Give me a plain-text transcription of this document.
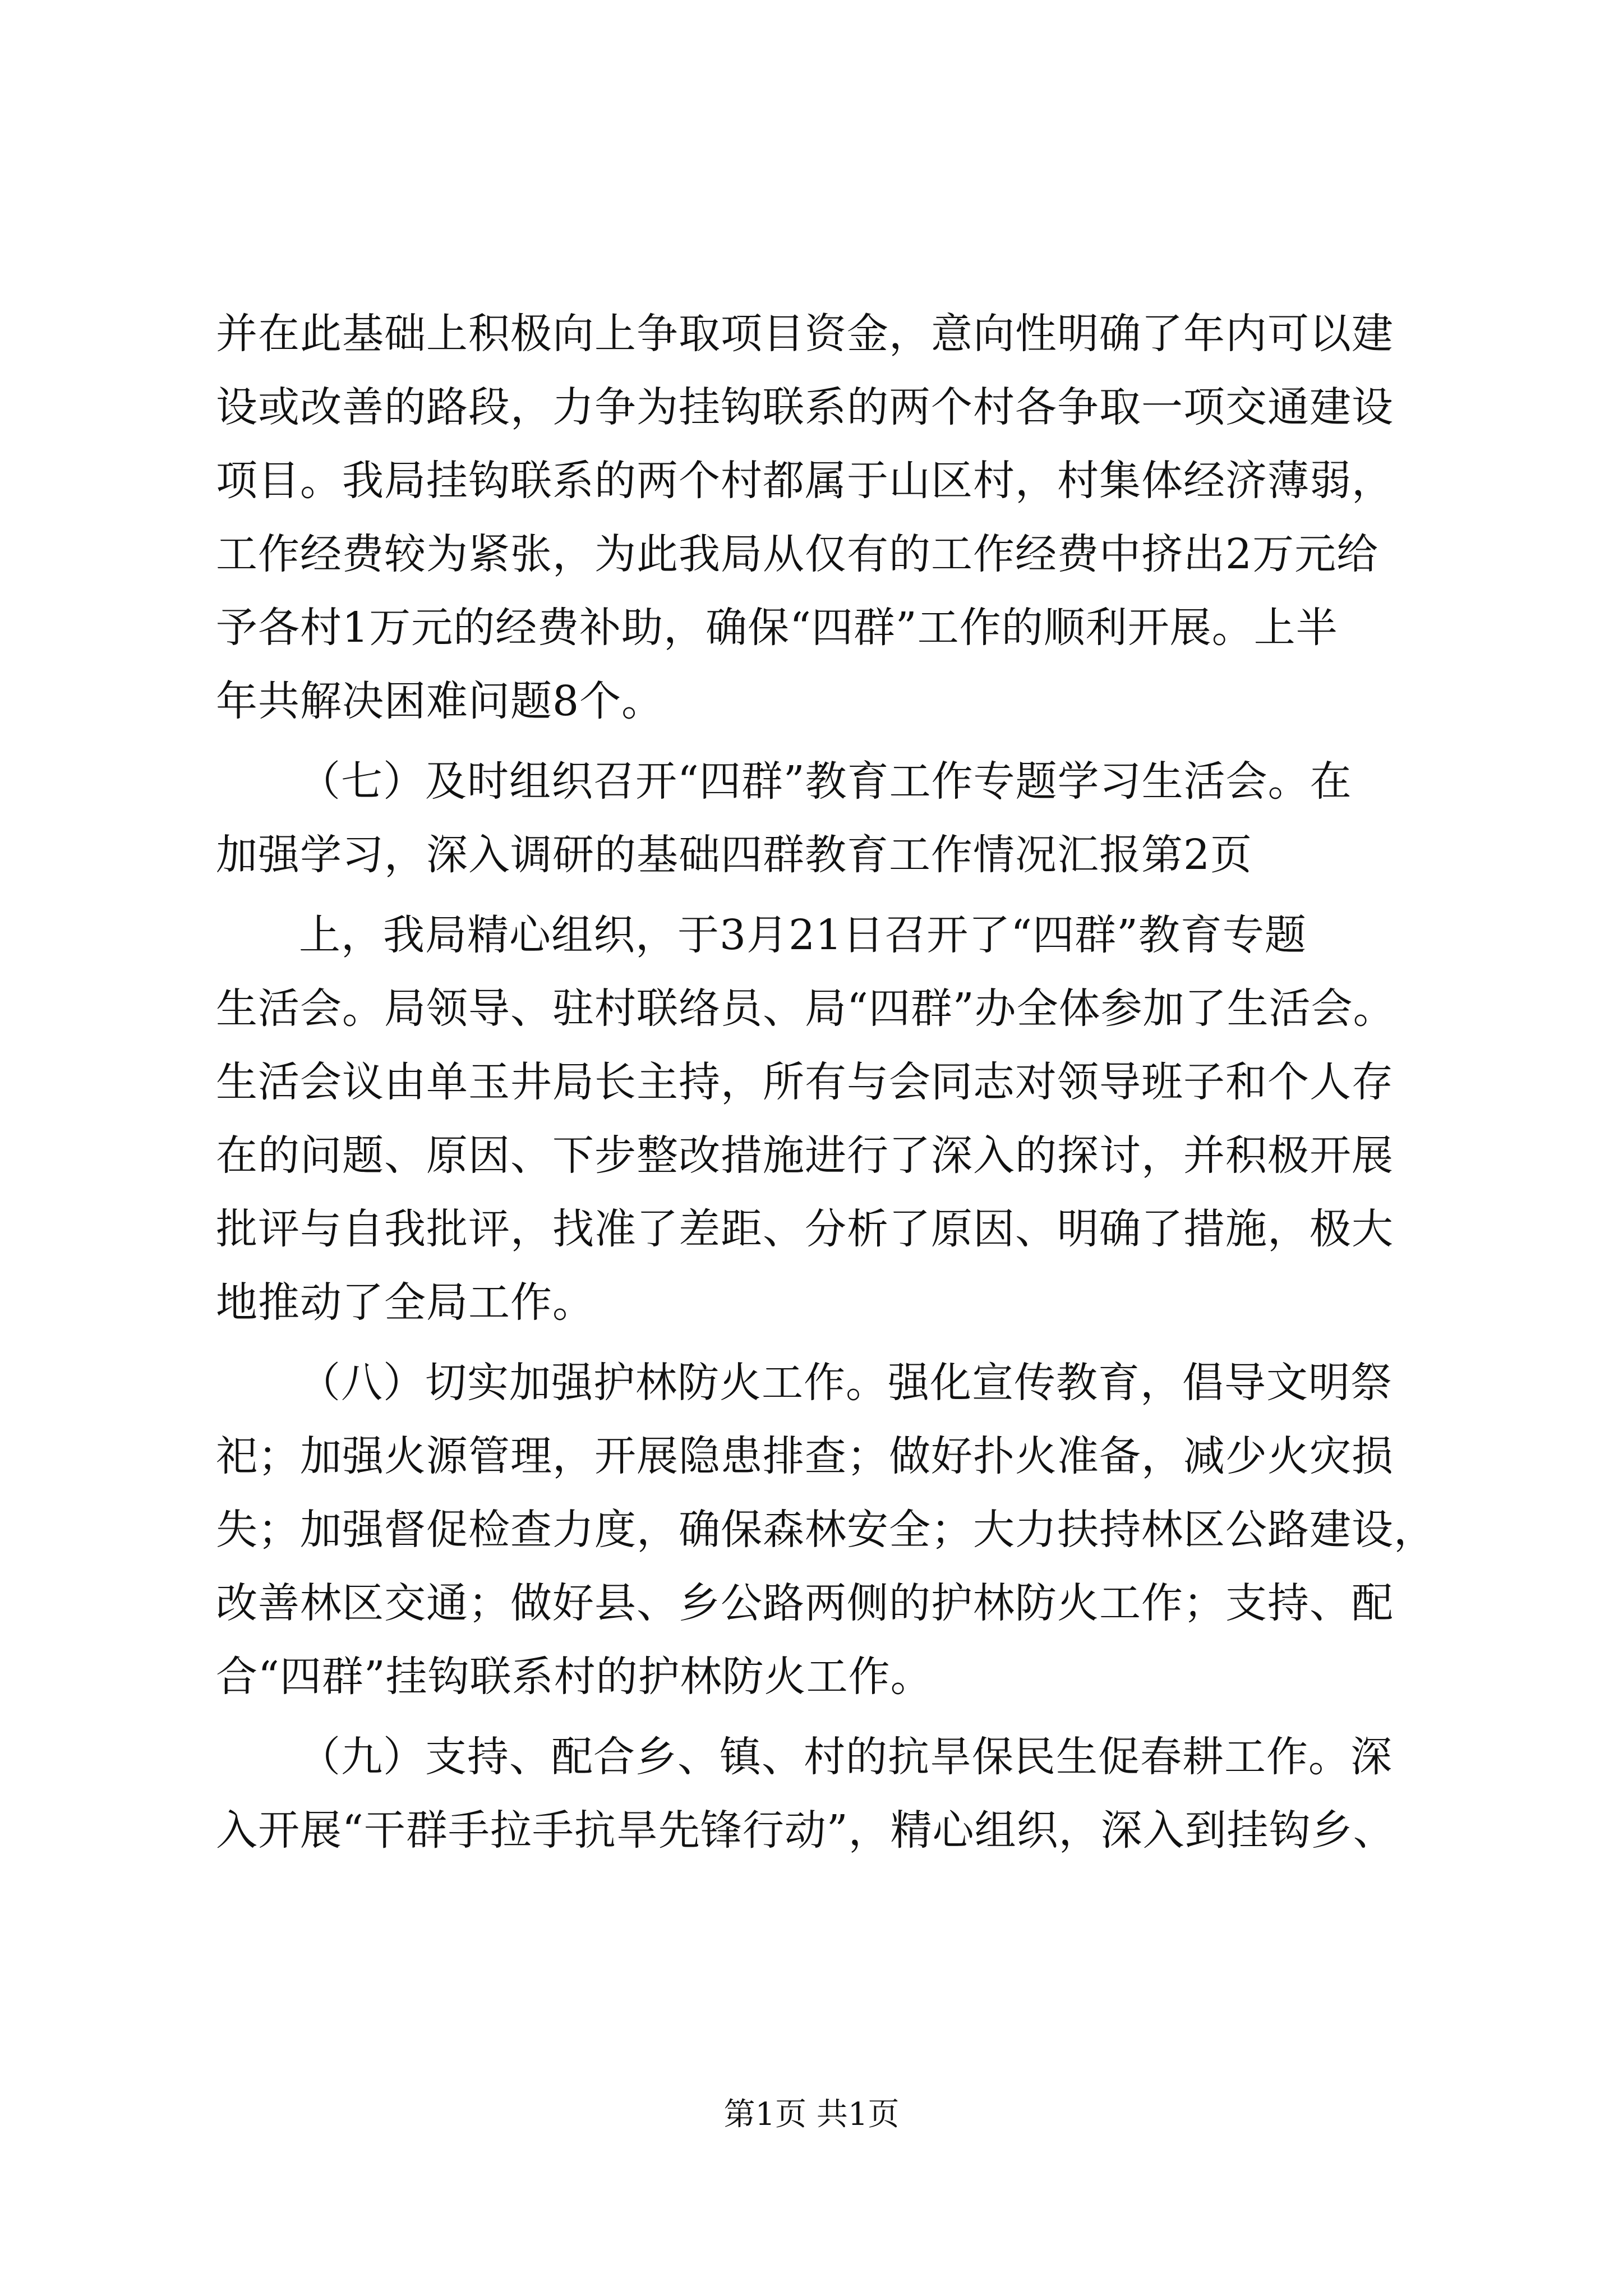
并在此基础上积极向上争取项目资金，意向性明确了年内可以建
设或改善的路段，力争为挂钩联系的两个村各争取一项交通建设
项目。我局挂钩联系的两个村都属于山区村，村集体经济薄弱，
工作经费较为紧张，为此我局从仅有的工作经费中挤出2万元给
予各村1万元的经费补助，确保“四群”工作的顺利开展。上半
年共解决困难问题8个。
（七）及时组织召开“四群”教育工作专题学习生活会。在
加强学习，深入调研的基础四群教育工作情况汇报第2页
上，我局精心组织，于3月21日召开了“四群”教育专题
生活会。局领导、驻村联络员、局“四群”办全体参加了生活会。
生活会议由单玉井局长主持，所有与会同志对领导班子和个人存
在的问题、原因、下步整改措施进行了深入的探讨，并积极开展
批评与自我批评，找准了差距、分析了原因、明确了措施，极大
地推动了全局工作。
（八）切实加强护林防火工作。强化宣传教育，倡导文明祭
祀；加强火源管理，开展隐患排查；做好扑火准备，减少火灾损
失；加强督促检查力度，确保森林安全；大力扶持林区公路建设，
改善林区交通；做好县、乡公路两侧的护林防火工作；支持、配
合“四群”挂钩联系村的护林防火工作。
（九）支持、配合乡、镇、村的抗旱保民生促春耕工作。深
入开展“干群手拉手抗旱先锋行动”，精心组织，深入到挂钩乡、
第1页 共1页
